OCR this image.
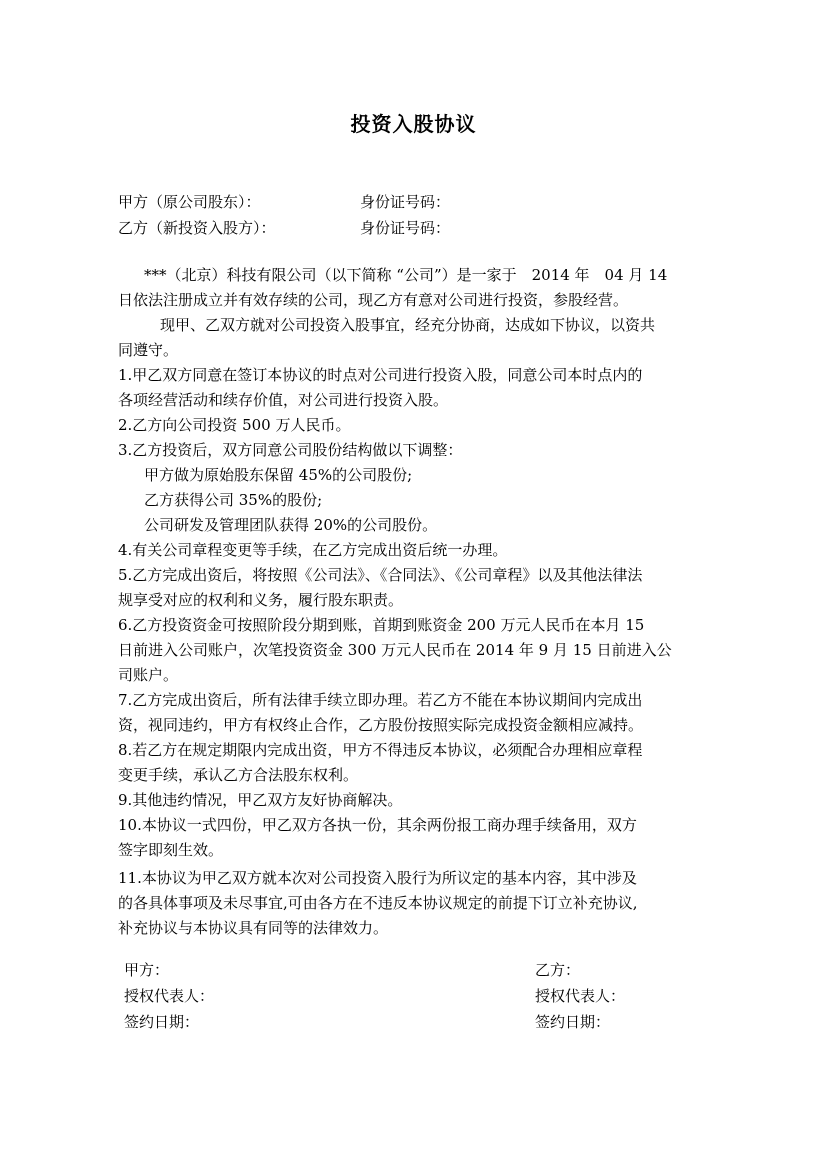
投资入股协议
甲方（原公司股东）：	身份证号码：
乙方（新投资入股方）：	身份证号码：

***（北京）科技有限公司（以下简称 “公司”）是一家于　2014 年　04 月 14

日依法注册成立并有效存续的公司，现乙方有意对公司进行投资，参股经营。

现甲、乙双方就对公司投资入股事宜，经充分协商，达成如下协议，以资共

同遵守。

1.甲乙双方同意在签订本协议的时点对公司进行投资入股，同意公司本时点内的

各项经营活动和续存价值，对公司进行投资入股。

2.乙方向公司投资 500 万人民币。

3.乙方投资后，双方同意公司股份结构做以下调整：

甲方做为原始股东保留 45%的公司股份;

乙方获得公司 35%的股份;

公司研发及管理团队获得 20%的公司股份。

4.有关公司章程变更等手续，在乙方完成出资后统一办理。

5.乙方完成出资后，将按照《公司法》、《合同法》、《公司章程》以及其他法律法

规享受对应的权利和义务，履行股东职责。

6.乙方投资资金可按照阶段分期到账，首期到账资金 200 万元人民币在本月 15

日前进入公司账户，次笔投资资金 300 万元人民币在 2014 年 9 月 15 日前进入公

司账户。

7.乙方完成出资后，所有法律手续立即办理。若乙方不能在本协议期间内完成出

资，视同违约，甲方有权终止合作，乙方股份按照实际完成投资金额相应减持。

8.若乙方在规定期限内完成出资，甲方不得违反本协议，必须配合办理相应章程

变更手续，承认乙方合法股东权利。

9.其他违约情况，甲乙双方友好协商解决。

10.本协议一式四份，甲乙双方各执一份，其余两份报工商办理手续备用，双方

签字即刻生效。

11.本协议为甲乙双方就本次对公司投资入股行为所议定的基本内容，其中涉及

的各具体事项及未尽事宜,可由各方在不违反本协议规定的前提下订立补充协议,

补充协议与本协议具有同等的法律效力。

甲方：
授权代表人：
签约日期：
乙方：
授权代表人：
签约日期：
